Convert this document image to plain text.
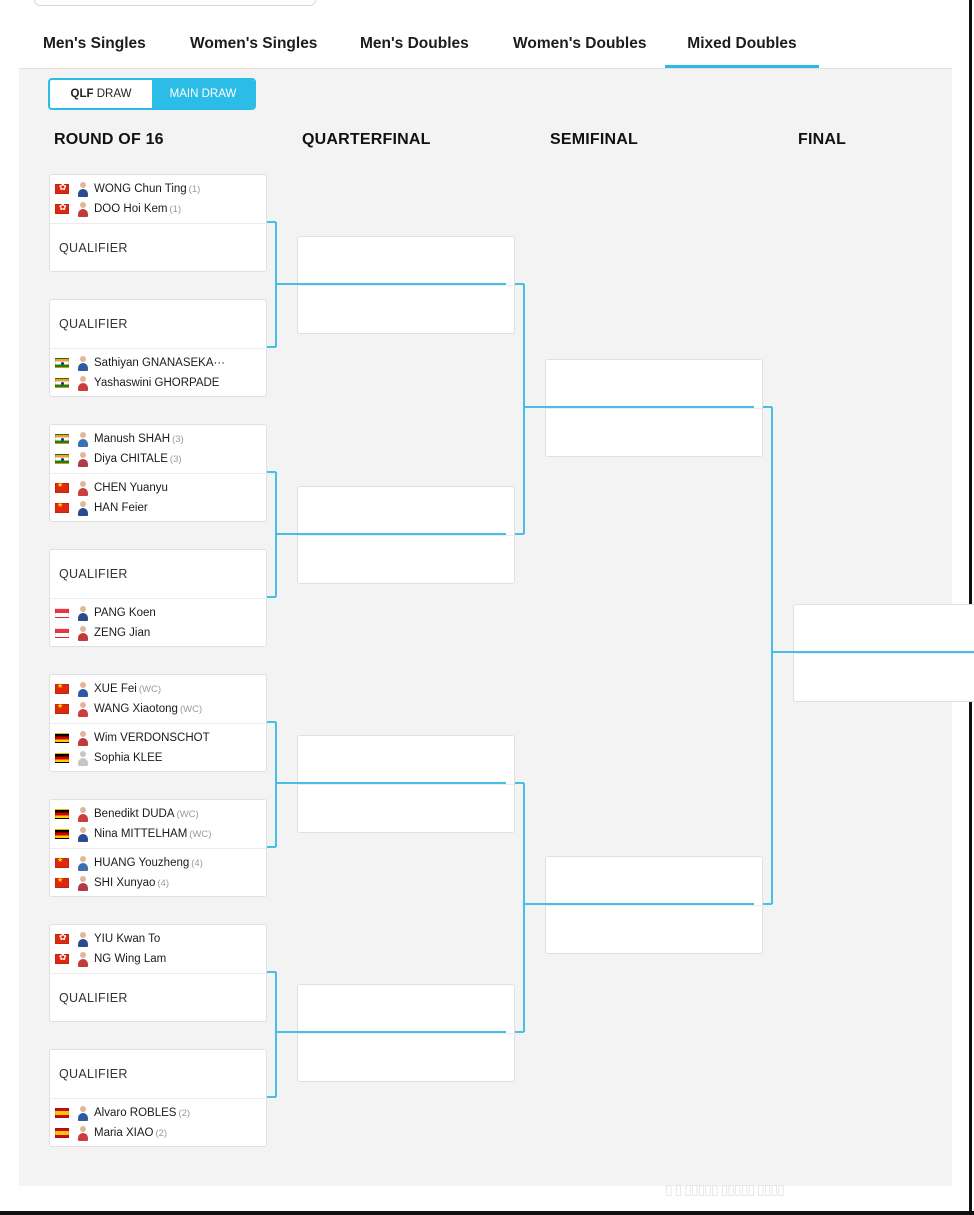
Men's Singles	Women's Singles	Men's Doubles	Women's Doubles	Mixed Doubles
QLF DRAW	MAIN DRAW
ROUND OF 16	QUARTERFINAL	SEMIFINAL	FINAL
✿
WONG Chun Ting (1)
✿
DOO Hoi Kem (1)
QUALIFIER
QUALIFIER
Sathiyan GNANASEKA···
Yashaswini GHORPADE
Manush SHAH (3)
Diya CHITALE (3)
★
CHEN Yuanyu
★
HAN Feier
QUALIFIER
PANG Koen
ZENG Jian
★
XUE Fei (WC)
★
WANG Xiaotong (WC)
Wim VERDONSCHOT
Sophia KLEE
Benedikt DUDA (WC)
Nina MITTELHAM (WC)
★
HUANG Youzheng (4)
★
SHI Xunyao (4)
✿
YIU Kwan To
✿
NG Wing Lam
QUALIFIER
QUALIFIER
Alvaro ROBLES (2)
Maria XIAO (2)
▯ ▯ ▯▯▯▯▯ ▯▯▯▯▯ ▯▯▯▯
